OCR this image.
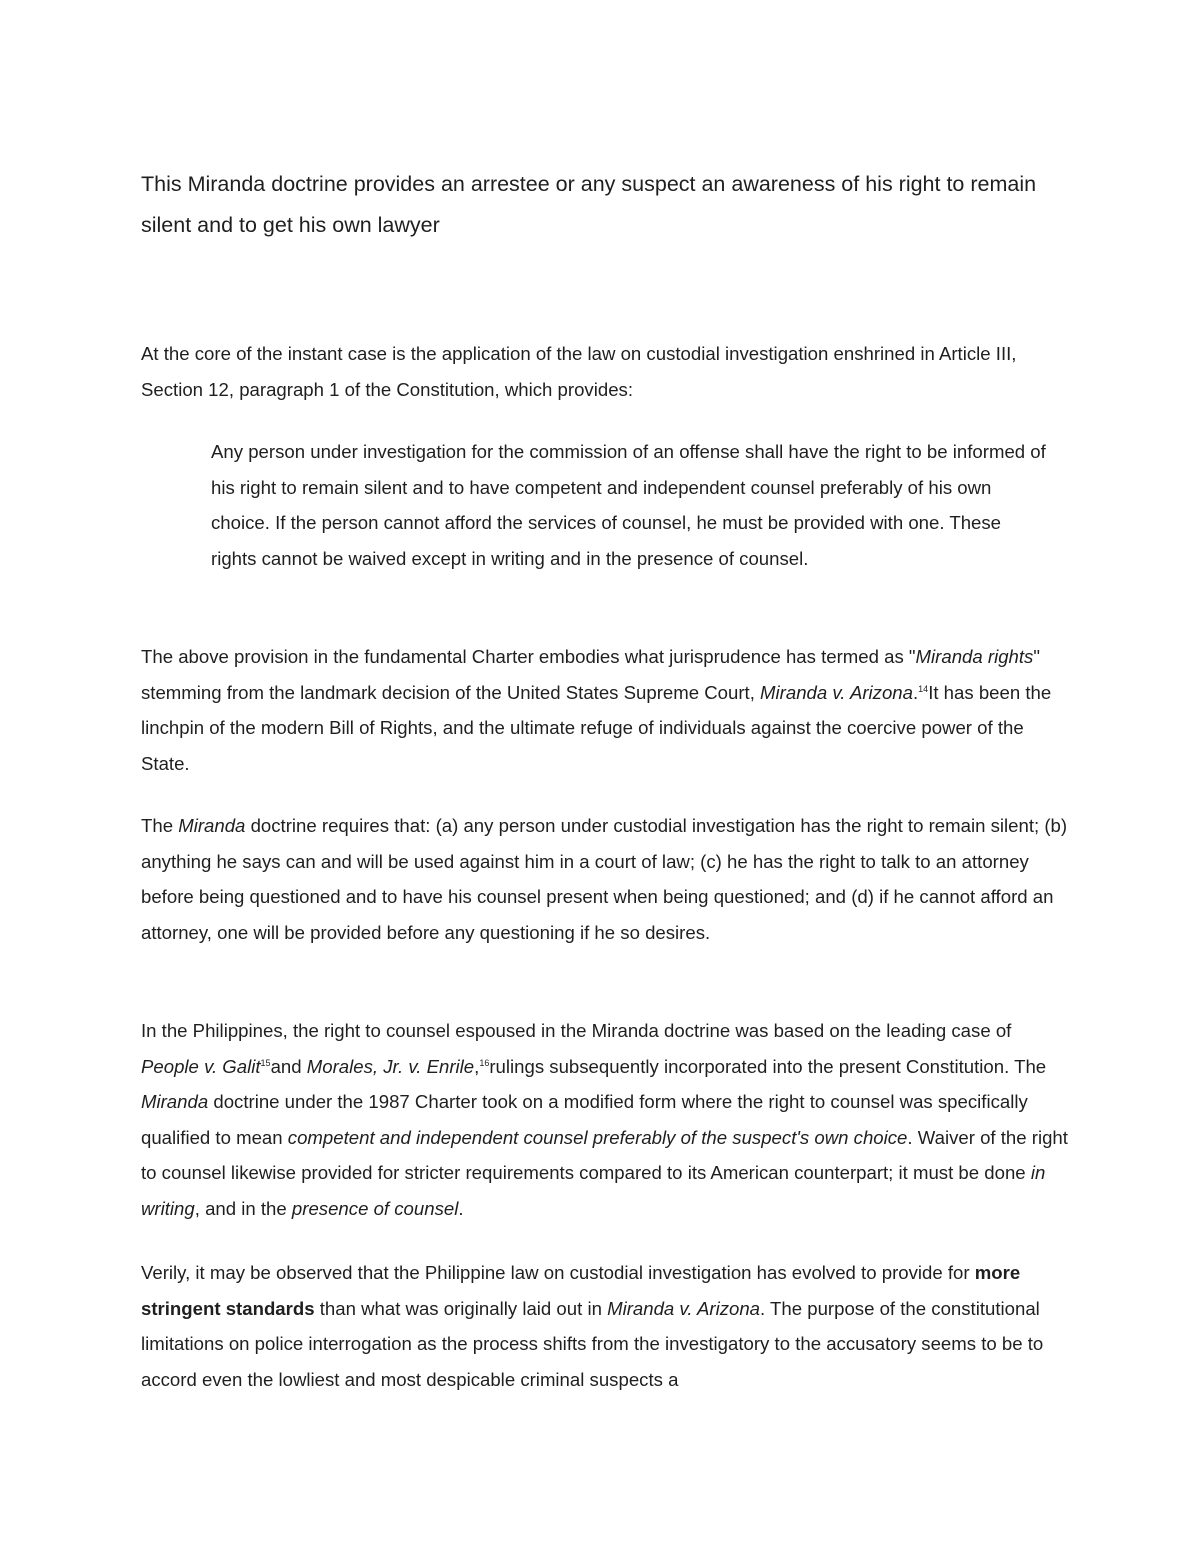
This Miranda doctrine provides an arrestee or any suspect an awareness of his right to remain silent and to get his own lawyer

At the core of the instant case is the application of the law on custodial investigation enshrined in Article III, Section 12, paragraph 1 of the Constitution, which provides:

Any person under investigation for the commission of an offense shall have the right to be informed of his right to remain silent and to have competent and independent counsel preferably of his own choice. If the person cannot afford the services of counsel, he must be provided with one. These rights cannot be waived except in writing and in the presence of counsel.

The above provision in the fundamental Charter embodies what jurisprudence has termed as "Miranda rights" stemming from the landmark decision of the United States Supreme Court, Miranda v. Arizona.$^{14}$It has been the linchpin of the modern Bill of Rights, and the ultimate refuge of individuals against the coercive power of the State.

The Miranda doctrine requires that: (a) any person under custodial investigation has the right to remain silent; (b) anything he says can and will be used against him in a court of law; (c) he has the right to talk to an attorney before being questioned and to have his counsel present when being questioned; and (d) if he cannot afford an attorney, one will be provided before any questioning if he so desires.

In the Philippines, the right to counsel espoused in the Miranda doctrine was based on the leading case of People v. Galit$^{15}$and Morales, Jr. v. Enrile,$^{16}$rulings subsequently incorporated into the present Constitution. The Miranda doctrine under the 1987 Charter took on a modified form where the right to counsel was specifically qualified to mean competent and independent counsel preferably of the suspect's own choice. Waiver of the right to counsel likewise provided for stricter requirements compared to its American counterpart; it must be done in writing, and in the presence of counsel.

Verily, it may be observed that the Philippine law on custodial investigation has evolved to provide for more stringent standards than what was originally laid out in Miranda v. Arizona. The purpose of the constitutional limitations on police interrogation as the process shifts from the investigatory to the accusatory seems to be to accord even the lowliest and most despicable criminal suspects a
